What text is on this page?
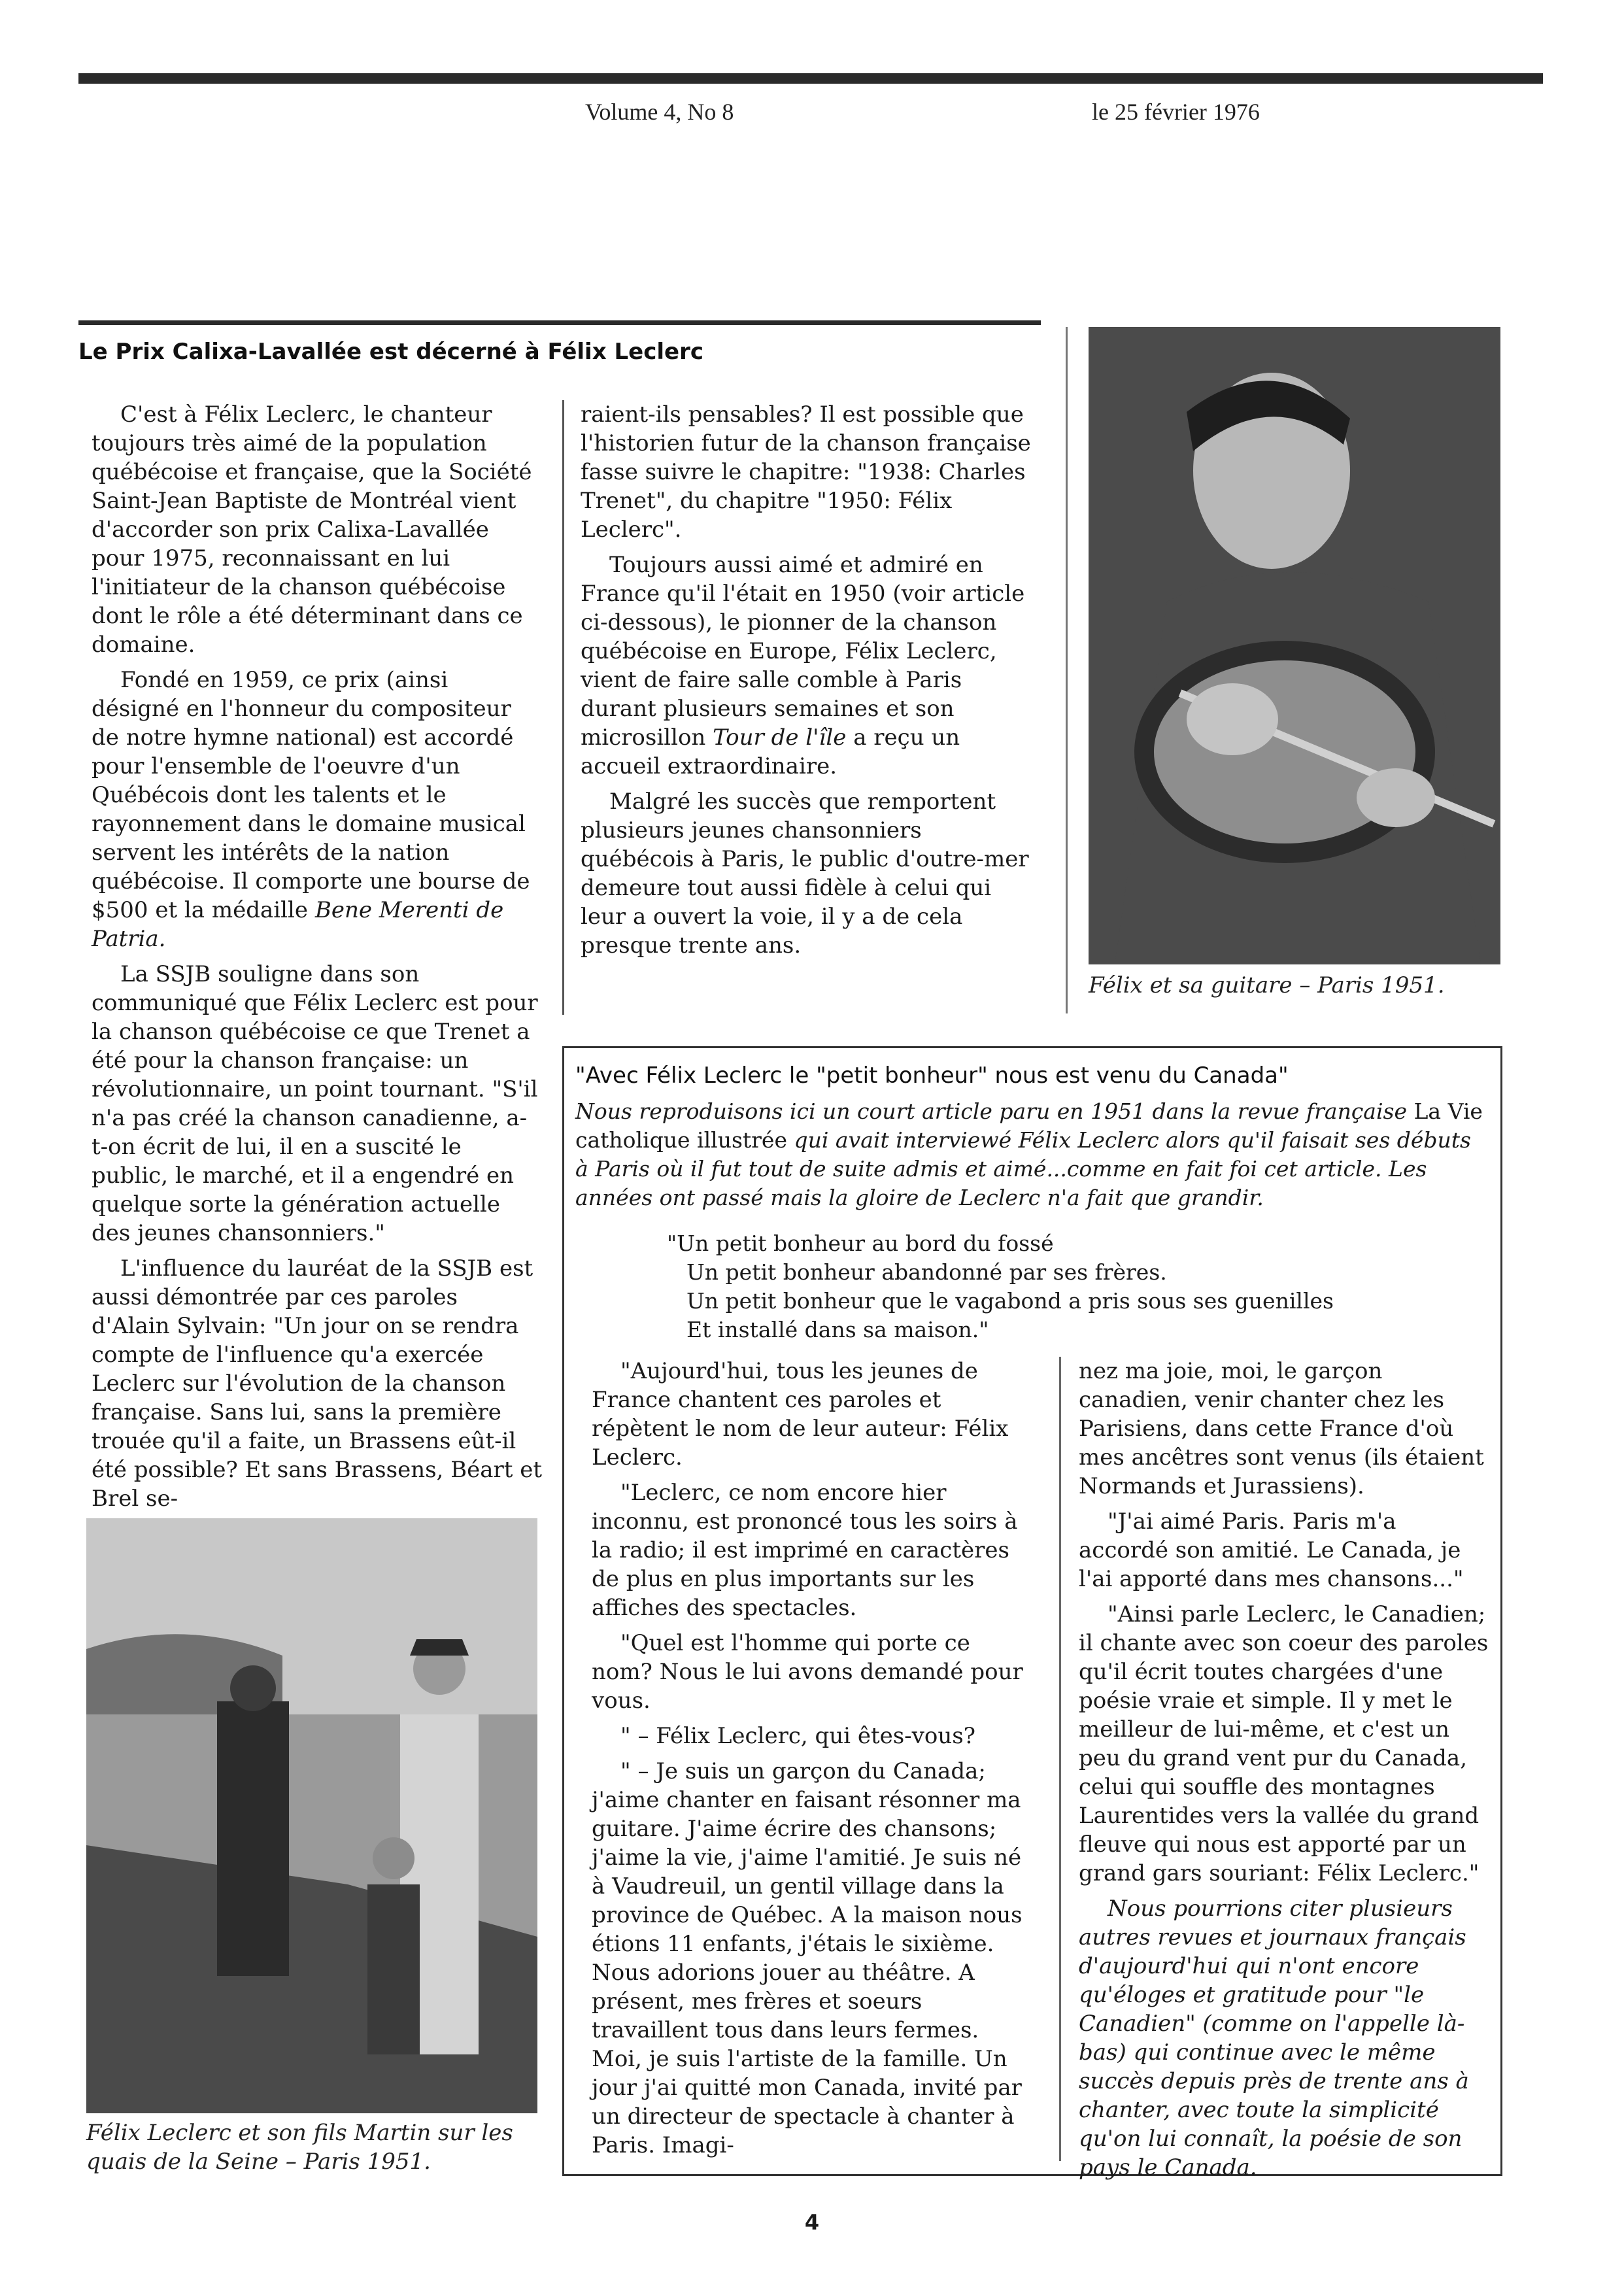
Volume 4, No 8	le 25 février 1976
Le Prix Calixa-Lavallée est décerné à Félix Leclerc

C'est à Félix Leclerc, le chanteur toujours très aimé de la population québécoise et française, que la Société Saint-Jean Baptiste de Montréal vient d'accorder son prix Calixa-Lavallée pour 1975, reconnaissant en lui l'initiateur de la chanson québécoise dont le rôle a été déterminant dans ce domaine.

Fondé en 1959, ce prix (ainsi désigné en l'honneur du compositeur de notre hymne national) est accordé pour l'ensemble de l'oeuvre d'un Québécois dont les talents et le rayonnement dans le domaine musical servent les intérêts de la nation québécoise. Il comporte une bourse de $500 et la médaille Bene Merenti de Patria.

La SSJB souligne dans son communiqué que Félix Leclerc est pour la chanson québécoise ce que Trenet a été pour la chanson française: un révolutionnaire, un point tournant. "S'il n'a pas créé la chanson canadienne, a-t-on écrit de lui, il en a suscité le public, le marché, et il a engendré en quelque sorte la génération actuelle des jeunes chansonniers."

L'influence du lauréat de la SSJB est aussi démontrée par ces paroles d'Alain Sylvain: "Un jour on se rendra compte de l'influence qu'a exercée Leclerc sur l'évolution de la chanson française. Sans lui, sans la première trouée qu'il a faite, un Brassens eût-il été possible? Et sans Brassens, Béart et Brel se-

raient-ils pensables? Il est possible que l'historien futur de la chanson française fasse suivre le chapitre: "1938: Charles Trenet", du chapitre "1950: Félix Leclerc".

Toujours aussi aimé et admiré en France qu'il l'était en 1950 (voir article ci-dessous), le pionner de la chanson québécoise en Europe, Félix Leclerc, vient de faire salle comble à Paris durant plusieurs semaines et son microsillon Tour de l'île a reçu un accueil extraordinaire.

Malgré les succès que remportent plusieurs jeunes chansonniers québécois à Paris, le public d'outre-mer demeure tout aussi fidèle à celui qui leur a ouvert la voie, il y a de cela presque trente ans.

Félix et sa guitare – Paris 1951.
Félix Leclerc et son fils Martin sur les quais de la Seine – Paris 1951.
"Avec Félix Leclerc le "petit bonheur" nous est venu du Canada"
Nous reproduisons ici un court article paru en 1951 dans la revue française La Vie catholique illustrée qui avait interviewé Félix Leclerc alors qu'il faisait ses débuts à Paris où il fut tout de suite admis et aimé...comme en fait foi cet article. Les années ont passé mais la gloire de Leclerc n'a fait que grandir.
"Un petit bonheur au bord du fossé
Un petit bonheur abandonné par ses frères.
Un petit bonheur que le vagabond a pris sous ses guenilles
Et installé dans sa maison."

"Aujourd'hui, tous les jeunes de France chantent ces paroles et répètent le nom de leur auteur: Félix Leclerc.

"Leclerc, ce nom encore hier inconnu, est prononcé tous les soirs à la radio; il est imprimé en caractères de plus en plus importants sur les affiches des spectacles.

"Quel est l'homme qui porte ce nom? Nous le lui avons demandé pour vous.

" – Félix Leclerc, qui êtes-vous?

" – Je suis un garçon du Canada; j'aime chanter en faisant résonner ma guitare. J'aime écrire des chansons; j'aime la vie, j'aime l'amitié. Je suis né à Vaudreuil, un gentil village dans la province de Québec. A la maison nous étions 11 enfants, j'étais le sixième. Nous adorions jouer au théâtre. A présent, mes frères et soeurs travaillent tous dans leurs fermes. Moi, je suis l'artiste de la famille. Un jour j'ai quitté mon Canada, invité par un directeur de spectacle à chanter à Paris. Imagi-

nez ma joie, moi, le garçon canadien, venir chanter chez les Parisiens, dans cette France d'où mes ancêtres sont venus (ils étaient Normands et Jurassiens).

"J'ai aimé Paris. Paris m'a accordé son amitié. Le Canada, je l'ai apporté dans mes chansons..."

"Ainsi parle Leclerc, le Canadien; il chante avec son coeur des paroles qu'il écrit toutes chargées d'une poésie vraie et simple. Il y met le meilleur de lui-même, et c'est un peu du grand vent pur du Canada, celui qui souffle des montagnes Laurentides vers la vallée du grand fleuve qui nous est apporté par un grand gars souriant: Félix Leclerc."

Nous pourrions citer plusieurs autres revues et journaux français d'aujourd'hui qui n'ont encore qu'éloges et gratitude pour "le Canadien" (comme on l'appelle là-bas) qui continue avec le même succès depuis près de trente ans à chanter, avec toute la simplicité qu'on lui connaît, la poésie de son pays le Canada.

4
